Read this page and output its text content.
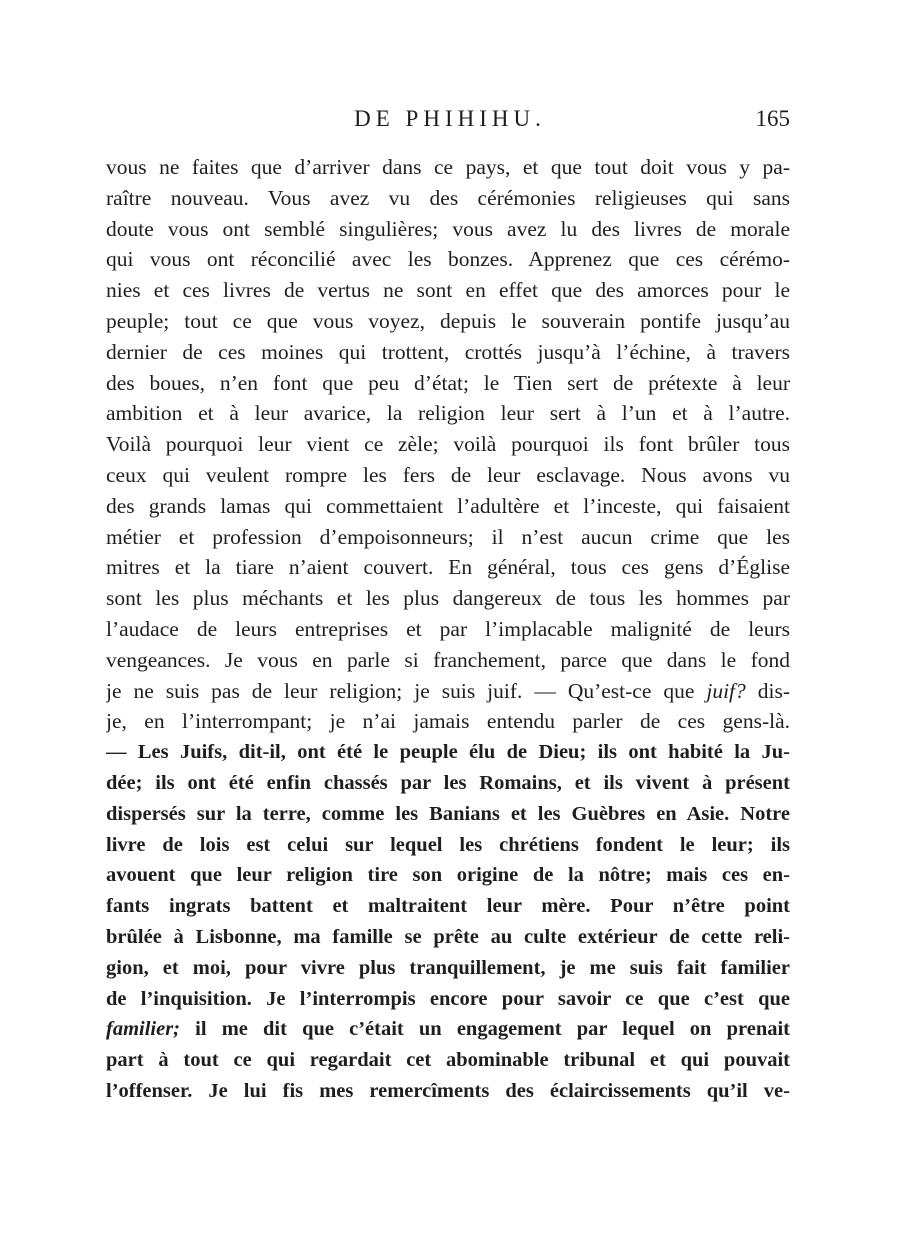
DE PHIHIHU.	165
vous ne faites que d’arriver dans ce pays, et que tout doit vous y pa-
raître nouveau. Vous avez vu des cérémonies religieuses qui sans
doute vous ont semblé singulières; vous avez lu des livres de morale
qui vous ont réconcilié avec les bonzes. Apprenez que ces cérémo-
nies et ces livres de vertus ne sont en effet que des amorces pour le
peuple; tout ce que vous voyez, depuis le souverain pontife jusqu’au
dernier de ces moines qui trottent, crottés jusqu’à l’échine, à travers
des boues, n’en font que peu d’état; le Tien sert de prétexte à leur
ambition et à leur avarice, la religion leur sert à l’un et à l’autre.
Voilà pourquoi leur vient ce zèle; voilà pourquoi ils font brûler tous
ceux qui veulent rompre les fers de leur esclavage. Nous avons vu
des grands lamas qui commettaient l’adultère et l’inceste, qui faisaient
métier et profession d’empoisonneurs; il n’est aucun crime que les
mitres et la tiare n’aient couvert. En général, tous ces gens d’Église
sont les plus méchants et les plus dangereux de tous les hommes par
l’audace de leurs entreprises et par l’implacable malignité de leurs
vengeances. Je vous en parle si franchement, parce que dans le fond
je ne suis pas de leur religion; je suis juif. — Qu’est-ce que juif? dis-
je, en l’interrompant; je n’ai jamais entendu parler de ces gens-là.
— Les Juifs, dit-il, ont été le peuple élu de Dieu; ils ont habité la Ju-
dée; ils ont été enfin chassés par les Romains, et ils vivent à présent
dispersés sur la terre, comme les Banians et les Guèbres en Asie. Notre
livre de lois est celui sur lequel les chrétiens fondent le leur; ils
avouent que leur religion tire son origine de la nôtre; mais ces en-
fants ingrats battent et maltraitent leur mère. Pour n’être point
brûlée à Lisbonne, ma famille se prête au culte extérieur de cette reli-
gion, et moi, pour vivre plus tranquillement, je me suis fait familier
de l’inquisition. Je l’interrompis encore pour savoir ce que c’est que
familier; il me dit que c’était un engagement par lequel on prenait
part à tout ce qui regardait cet abominable tribunal et qui pouvait
l’offenser. Je lui fis mes remercîments des éclaircissements qu’il ve-
